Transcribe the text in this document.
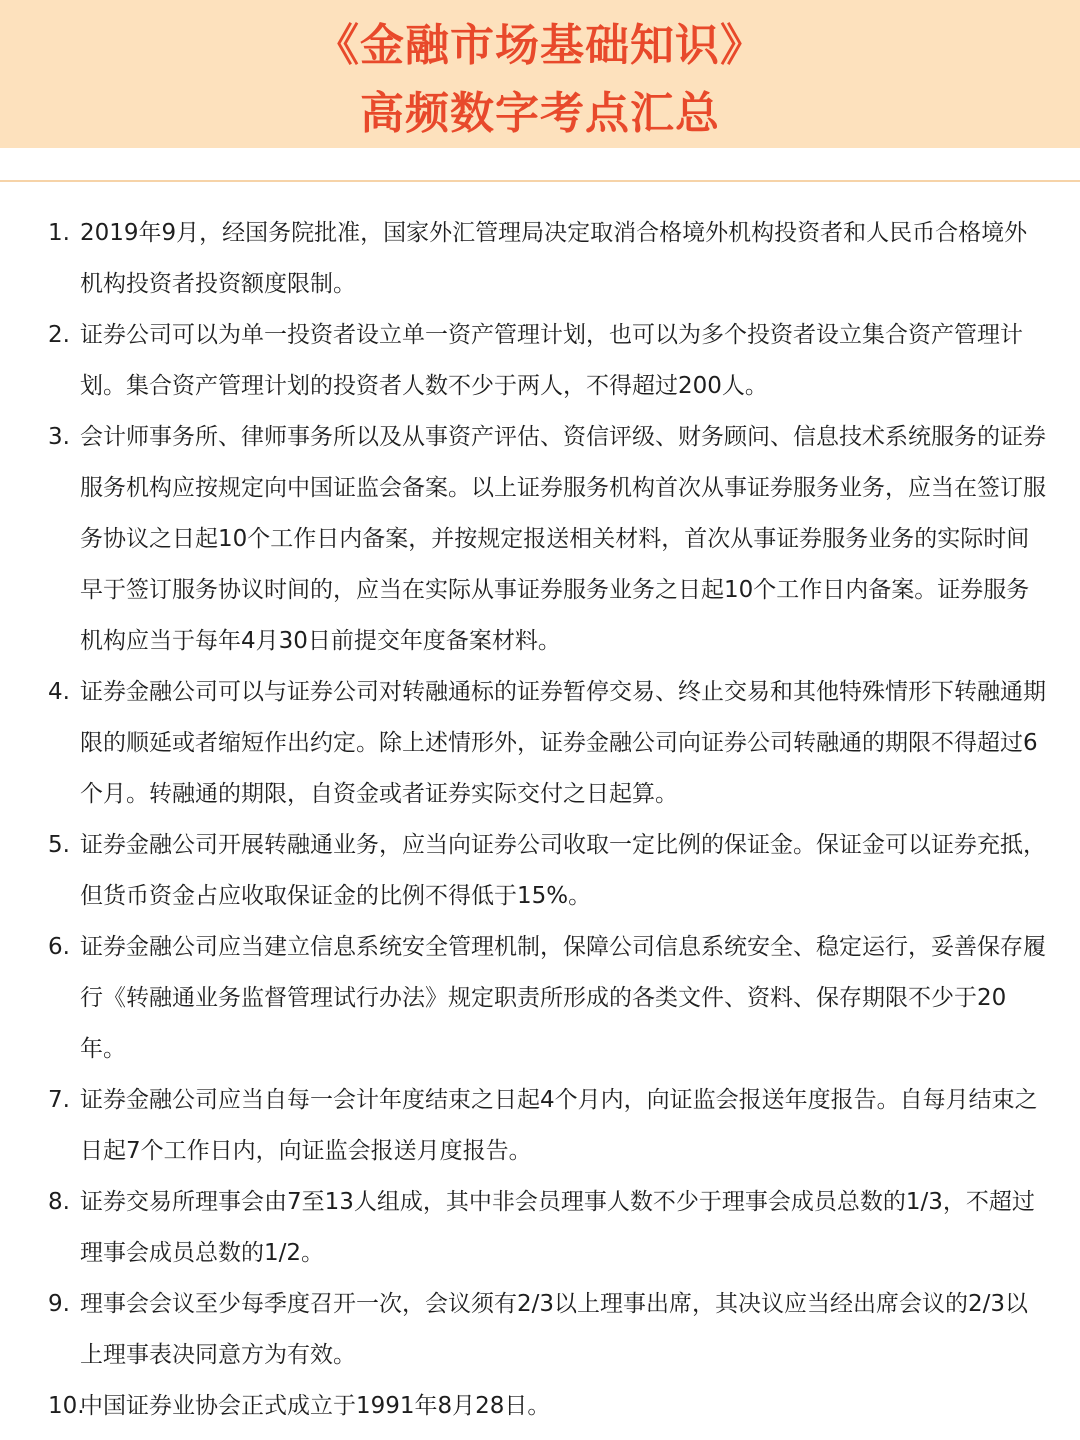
《金融市场基础知识》
高频数字考点汇总
1. 2019年9月，经国务院批准，国家外汇管理局决定取消合格境外机构投资者和人民币合格境外机构投资者投资额度限制。
2. 证券公司可以为单一投资者设立单一资产管理计划，也可以为多个投资者设立集合资产管理计划。集合资产管理计划的投资者人数不少于两人，不得超过200人。
3. 会计师事务所、律师事务所以及从事资产评估、资信评级、财务顾问、信息技术系统服务的证券服务机构应按规定向中国证监会备案。以上证券服务机构首次从事证券服务业务，应当在签订服务协议之日起10个工作日内备案，并按规定报送相关材料，首次从事证券服务业务的实际时间早于签订服务协议时间的，应当在实际从事证券服务业务之日起10个工作日内备案。证券服务机构应当于每年4月30日前提交年度备案材料。
4. 证券金融公司可以与证券公司对转融通标的证券暂停交易、终止交易和其他特殊情形下转融通期限的顺延或者缩短作出约定。除上述情形外，证券金融公司向证券公司转融通的期限不得超过6个月。转融通的期限，自资金或者证券实际交付之日起算。
5. 证券金融公司开展转融通业务，应当向证券公司收取一定比例的保证金。保证金可以证券充抵，但货币资金占应收取保证金的比例不得低于15%。
6. 证券金融公司应当建立信息系统安全管理机制，保障公司信息系统安全、稳定运行，妥善保存履行《转融通业务监督管理试行办法》规定职责所形成的各类文件、资料、保存期限不少于20年。
7. 证券金融公司应当自每一会计年度结束之日起4个月内，向证监会报送年度报告。自每月结束之日起7个工作日内，向证监会报送月度报告。
8. 证券交易所理事会由7至13人组成，其中非会员理事人数不少于理事会成员总数的1/3，不超过理事会成员总数的1/2。
9. 理事会会议至少每季度召开一次，会议须有2/3以上理事出席，其决议应当经出席会议的2/3以上理事表决同意方为有效。
10.
中国证券业协会正式成立于1991年8月28日。
